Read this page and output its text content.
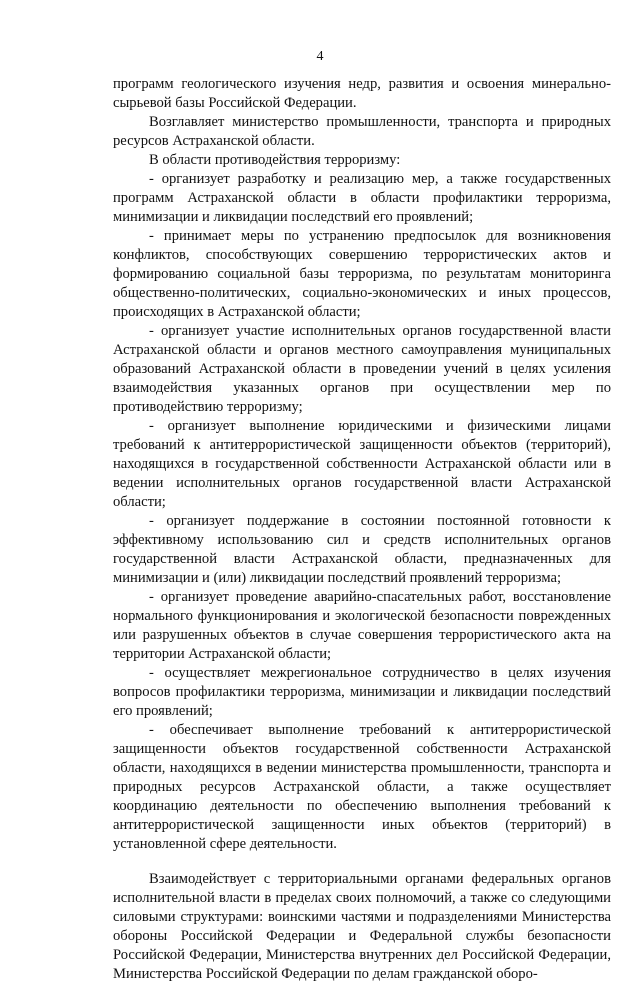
4

программ геологического изучения недр, развития и освоения минерально-сырьевой базы Российской Федерации.

Возглавляет министерство промышленности, транспорта и природных ресурсов Астраханской области.

В области противодействия терроризму:

- организует разработку и реализацию мер, а также государственных программ Астраханской области в области профилактики терроризма, минимизации и ликвидации последствий его проявлений;

- принимает меры по устранению предпосылок для возникновения конфликтов, способствующих совершению террористических актов и формированию социальной базы терроризма, по результатам мониторинга общественно-политических, социально-экономических и иных процессов, происходящих в Астраханской области;

- организует участие исполнительных органов государственной власти Астраханской области и органов местного самоуправления муниципальных образований Астраханской области в проведении учений в целях усиления взаимодействия указанных органов при осуществлении мер по противодействию терроризму;

- организует выполнение юридическими и физическими лицами требований к антитеррористической защищенности объектов (территорий), находящихся в государственной собственности Астраханской области или в ведении исполнительных органов государственной власти Астраханской области;

- организует поддержание в состоянии постоянной готовности к эффективному использованию сил и средств исполнительных органов государственной власти Астраханской области, предназначенных для минимизации и (или) ликвидации последствий проявлений терроризма;

- организует проведение аварийно-спасательных работ, восстановление нормального функционирования и экологической безопасности поврежденных или разрушенных объектов в случае совершения террористического акта на территории Астраханской области;

- осуществляет межрегиональное сотрудничество в целях изучения вопросов профилактики терроризма, минимизации и ликвидации последствий его проявлений;

- обеспечивает выполнение требований к антитеррористической защищенности объектов государственной собственности Астраханской области, находящихся в ведении министерства промышленности, транспорта и природных ресурсов Астраханской области, а также осуществляет координацию деятельности по обеспечению выполнения требований к антитеррористической защищенности иных объектов (территорий) в установленной сфере деятельности.

Взаимодействует с территориальными органами федеральных органов исполнительной власти в пределах своих полномочий, а также со следующими силовыми структурами: воинскими частями и подразделениями Министерства обороны Российской Федерации и Федеральной службы безопасности Российской Федерации, Министерства внутренних дел Российской Федерации, Министерства Российской Федерации по делам гражданской оборо-
